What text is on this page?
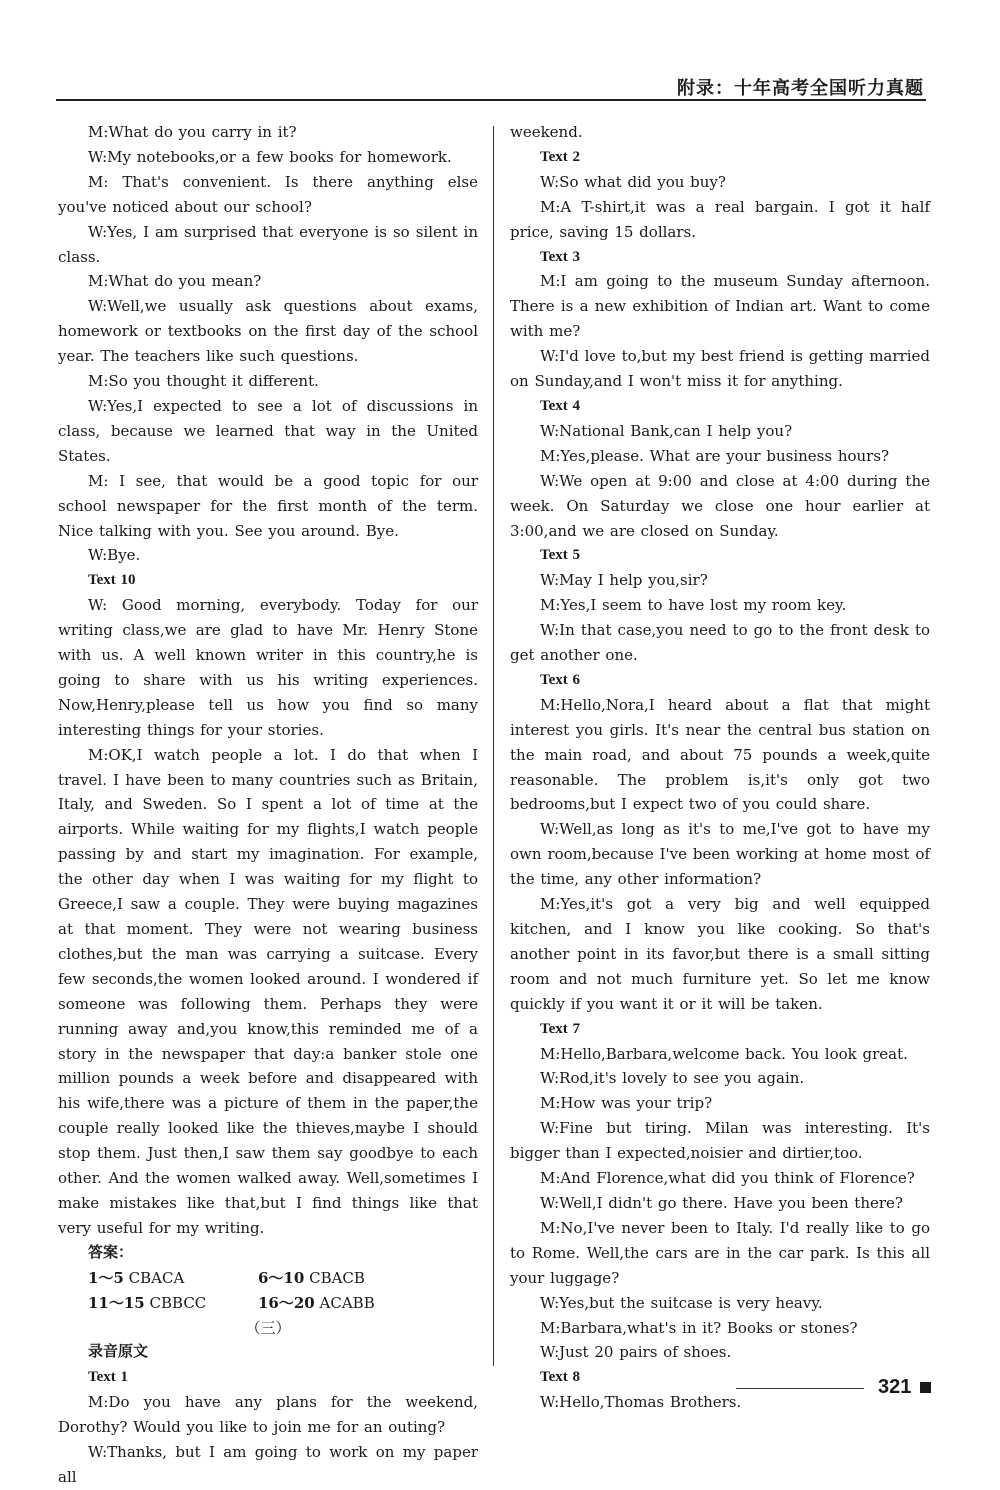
附录：十年高考全国听力真题

M:What do you carry in it?

W:My notebooks,or a few books for homework.

M: That's convenient. Is there anything else you've noticed about our school?

W:Yes, I am surprised that everyone is so silent in class.

M:What do you mean?

W:Well,we usually ask questions about exams, homework or textbooks on the first day of the school year. The teachers like such questions.

M:So you thought it different.

W:Yes,I expected to see a lot of discussions in class, because we learned that way in the United States.

M: I see, that would be a good topic for our school newspaper for the first month of the term. Nice talking with you. See you around. Bye.

W:Bye.

Text 10

W: Good morning, everybody. Today for our writing class,we are glad to have Mr. Henry Stone with us. A well known writer in this country,he is going to share with us his writing experiences. Now,Henry,please tell us how you find so many interesting things for your stories.

M:OK,I watch people a lot. I do that when I travel. I have been to many countries such as Britain, Italy, and Sweden. So I spent a lot of time at the airports. While waiting for my flights,I watch people passing by and start my imagination. For example, the other day when I was waiting for my flight to Greece,I saw a couple. They were buying magazines at that moment. They were not wearing business clothes,but the man was carrying a suitcase. Every few seconds,the women looked around. I wondered if someone was following them. Perhaps they were running away and,you know,this reminded me of a story in the newspaper that day:a banker stole one million pounds a week before and disappeared with his wife,there was a picture of them in the paper,the couple really looked like the thieves,maybe I should stop them. Just then,I saw them say goodbye to each other. And the women walked away. Well,sometimes I make mistakes like that,but I find things like that very useful for my writing.

答案：

1～5 CBACA	6～10 CBACB
11～15 CBBCC	16～20 ACABB

（三）

录音原文

Text 1

M:Do you have any plans for the weekend, Dorothy? Would you like to join me for an outing?

W:Thanks, but I am going to work on my paper all

weekend.

Text 2

W:So what did you buy?

M:A T-shirt,it was a real bargain. I got it half price, saving 15 dollars.

Text 3

M:I am going to the museum Sunday afternoon. There is a new exhibition of Indian art. Want to come with me?

W:I'd love to,but my best friend is getting married on Sunday,and I won't miss it for anything.

Text 4

W:National Bank,can I help you?

M:Yes,please. What are your business hours?

W:We open at 9:00 and close at 4:00 during the week. On Saturday we close one hour earlier at 3:00,and we are closed on Sunday.

Text 5

W:May I help you,sir?

M:Yes,I seem to have lost my room key.

W:In that case,you need to go to the front desk to get another one.

Text 6

M:Hello,Nora,I heard about a flat that might interest you girls. It's near the central bus station on the main road, and about 75 pounds a week,quite reasonable. The problem is,it's only got two bedrooms,but I expect two of you could share.

W:Well,as long as it's to me,I've got to have my own room,because I've been working at home most of the time, any other information?

M:Yes,it's got a very big and well equipped kitchen, and I know you like cooking. So that's another point in its favor,but there is a small sitting room and not much furniture yet. So let me know quickly if you want it or it will be taken.

Text 7

M:Hello,Barbara,welcome back. You look great.

W:Rod,it's lovely to see you again.

M:How was your trip?

W:Fine but tiring. Milan was interesting. It's bigger than I expected,noisier and dirtier,too.

M:And Florence,what did you think of Florence?

W:Well,I didn't go there. Have you been there?

M:No,I've never been to Italy. I'd really like to go to Rome. Well,the cars are in the car park. Is this all your luggage?

W:Yes,but the suitcase is very heavy.

M:Barbara,what's in it? Books or stones?

W:Just 20 pairs of shoes.

Text 8

W:Hello,Thomas Brothers.

321
